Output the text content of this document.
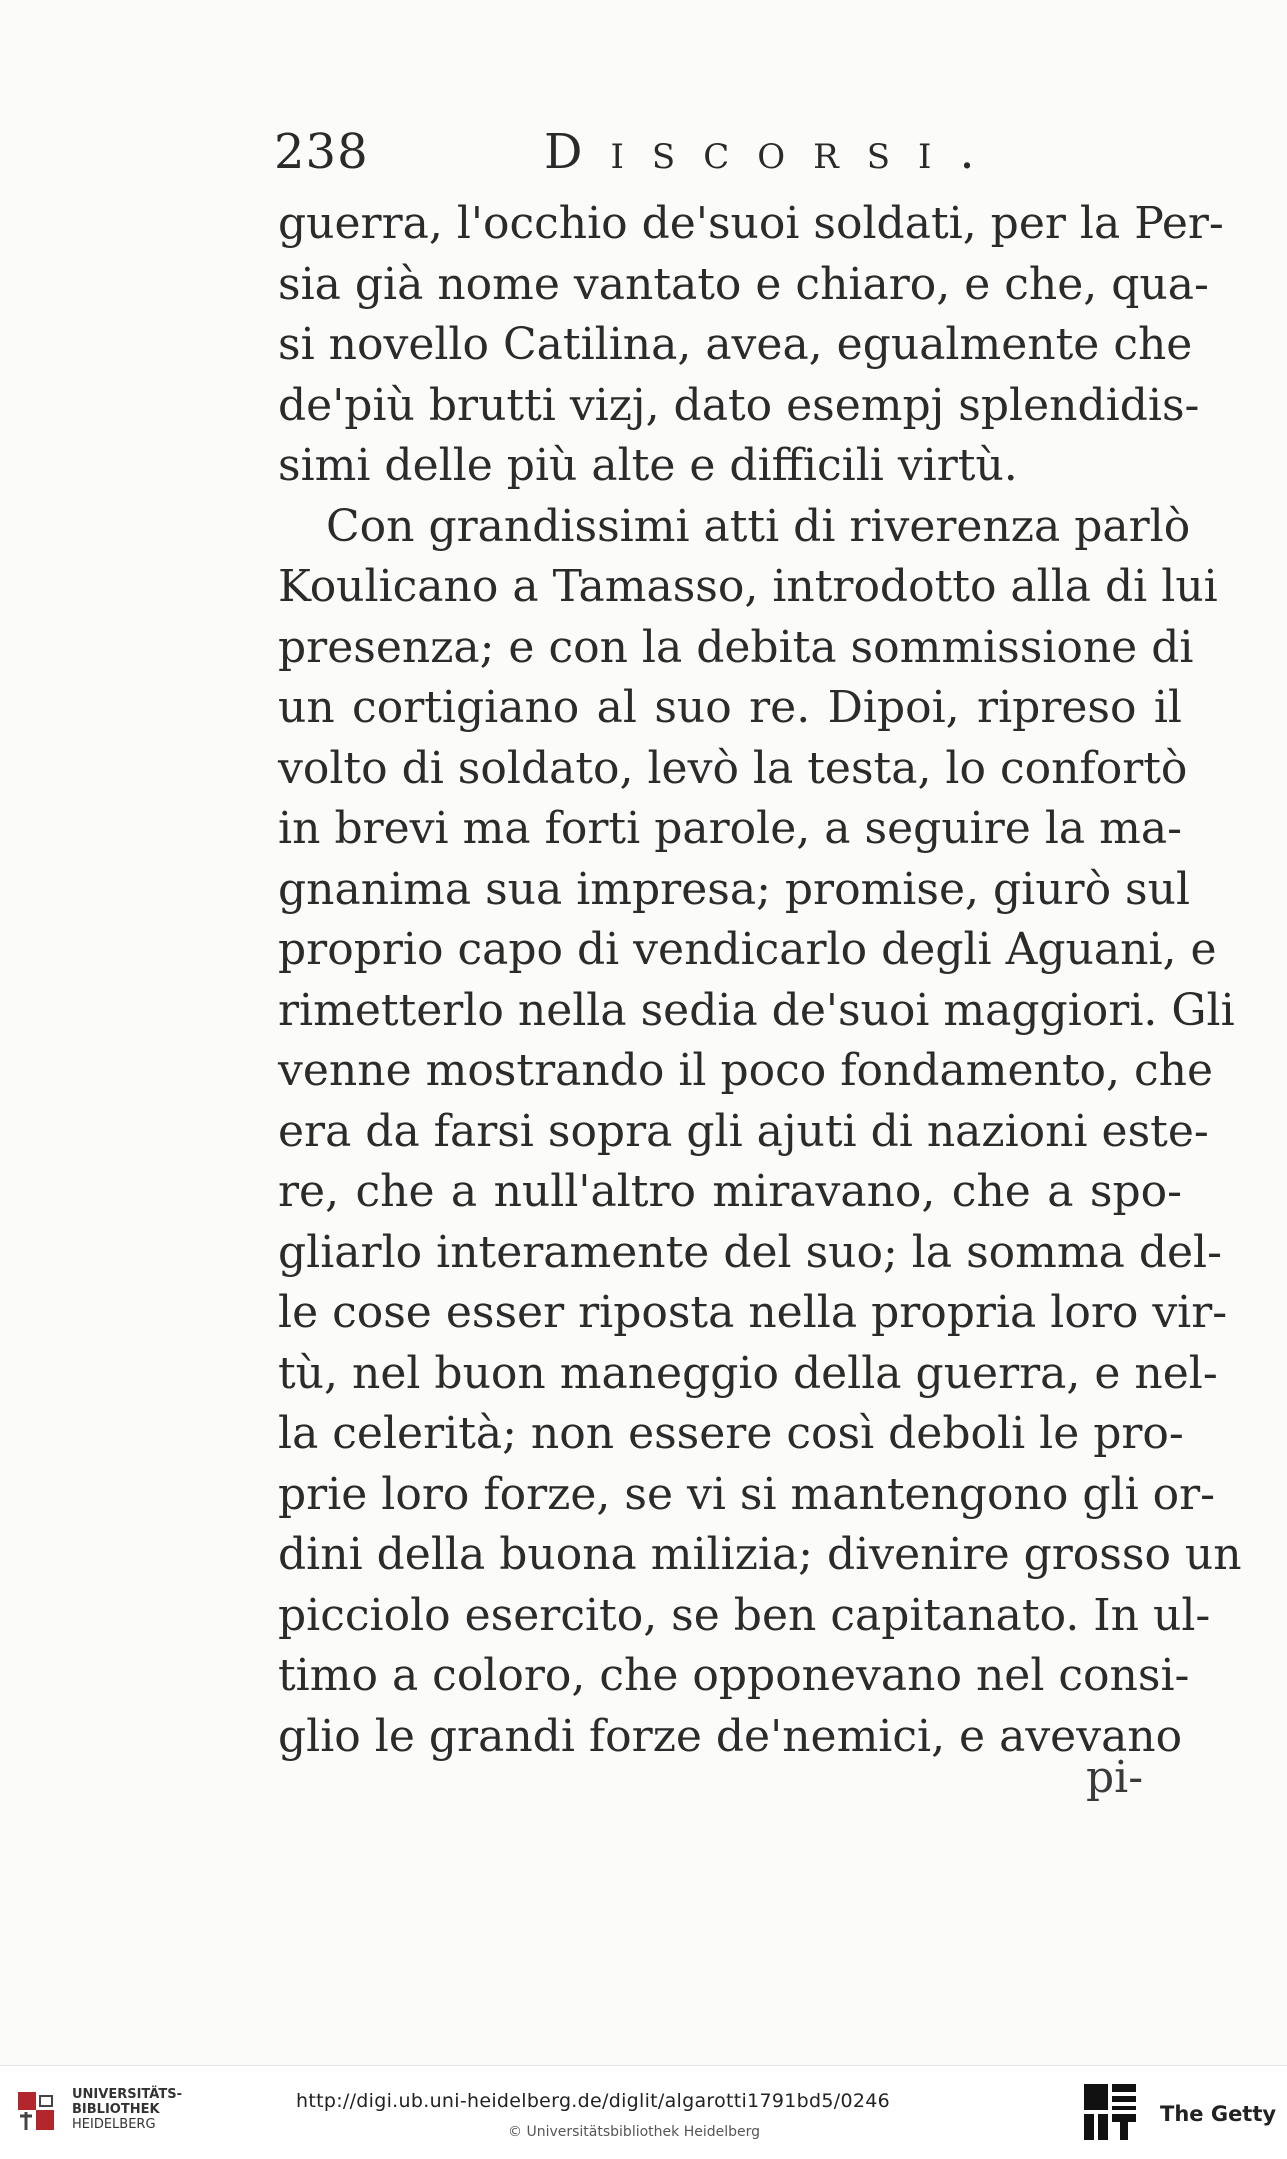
238	Discorsi.
guerra, l'occhio de'suoi soldati, per la Per-
sia già nome vantato e chiaro, e che, qua-
si novello Catilina, avea, egualmente che
de'più brutti vizj, dato esempj splendidis-
simi delle più alte e difficili virtù.
Con grandissimi atti di riverenza parlò
Koulicano a Tamasso, introdotto alla di lui
presenza; e con la debita sommissione di
un cortigiano al suo re. Dipoi, ripreso il
volto di soldato, levò la testa, lo confortò
in brevi ma forti parole, a seguire la ma-
gnanima sua impresa; promise, giurò sul
proprio capo di vendicarlo degli Aguani, e
rimetterlo nella sedia de'suoi maggiori. Gli
venne mostrando il poco fondamento, che
era da farsi sopra gli ajuti di nazioni este-
re, che a null'altro miravano, che a spo-
gliarlo interamente del suo; la somma del-
le cose esser riposta nella propria loro vir-
tù, nel buon maneggio della guerra, e nel-
la celerità; non essere così deboli le pro-
prie loro forze, se vi si mantengono gli or-
dini della buona milizia; divenire grosso un
picciolo esercito, se ben capitanato. In ul-
timo a coloro, che opponevano nel consi-
glio le grandi forze de'nemici, e avevano
pi-
UNIVERSITÄTS-
BIBLIOTHEK
HEIDELBERG
http://digi.ub.uni-heidelberg.de/diglit/algarotti1791bd5/0246
© Universitätsbibliothek Heidelberg
The Getty
